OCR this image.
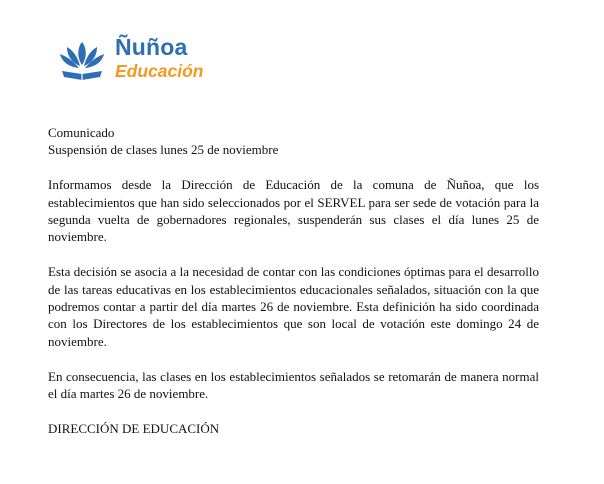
Ñuñoa
Educación

Comunicado

Suspensión de clases lunes 25 de noviembre

Informamos desde la Dirección de Educación de la comuna de Ñuñoa, que los establecimientos que han sido seleccionados por el SERVEL para ser sede de votación para la segunda vuelta de gobernadores regionales, suspenderán sus clases el día lunes 25 de noviembre.

Esta decisión se asocia a la necesidad de contar con las condiciones óptimas para el desarrollo de las tareas educativas en los establecimientos educacionales señalados, situación con la que podremos contar a partir del día martes 26 de noviembre. Esta definición ha sido coordinada con los Directores de los establecimientos que son local de votación este domingo 24 de noviembre.

En consecuencia, las clases en los establecimientos señalados se retomarán de manera normal el día martes 26 de noviembre.

DIRECCIÓN DE EDUCACIÓN
